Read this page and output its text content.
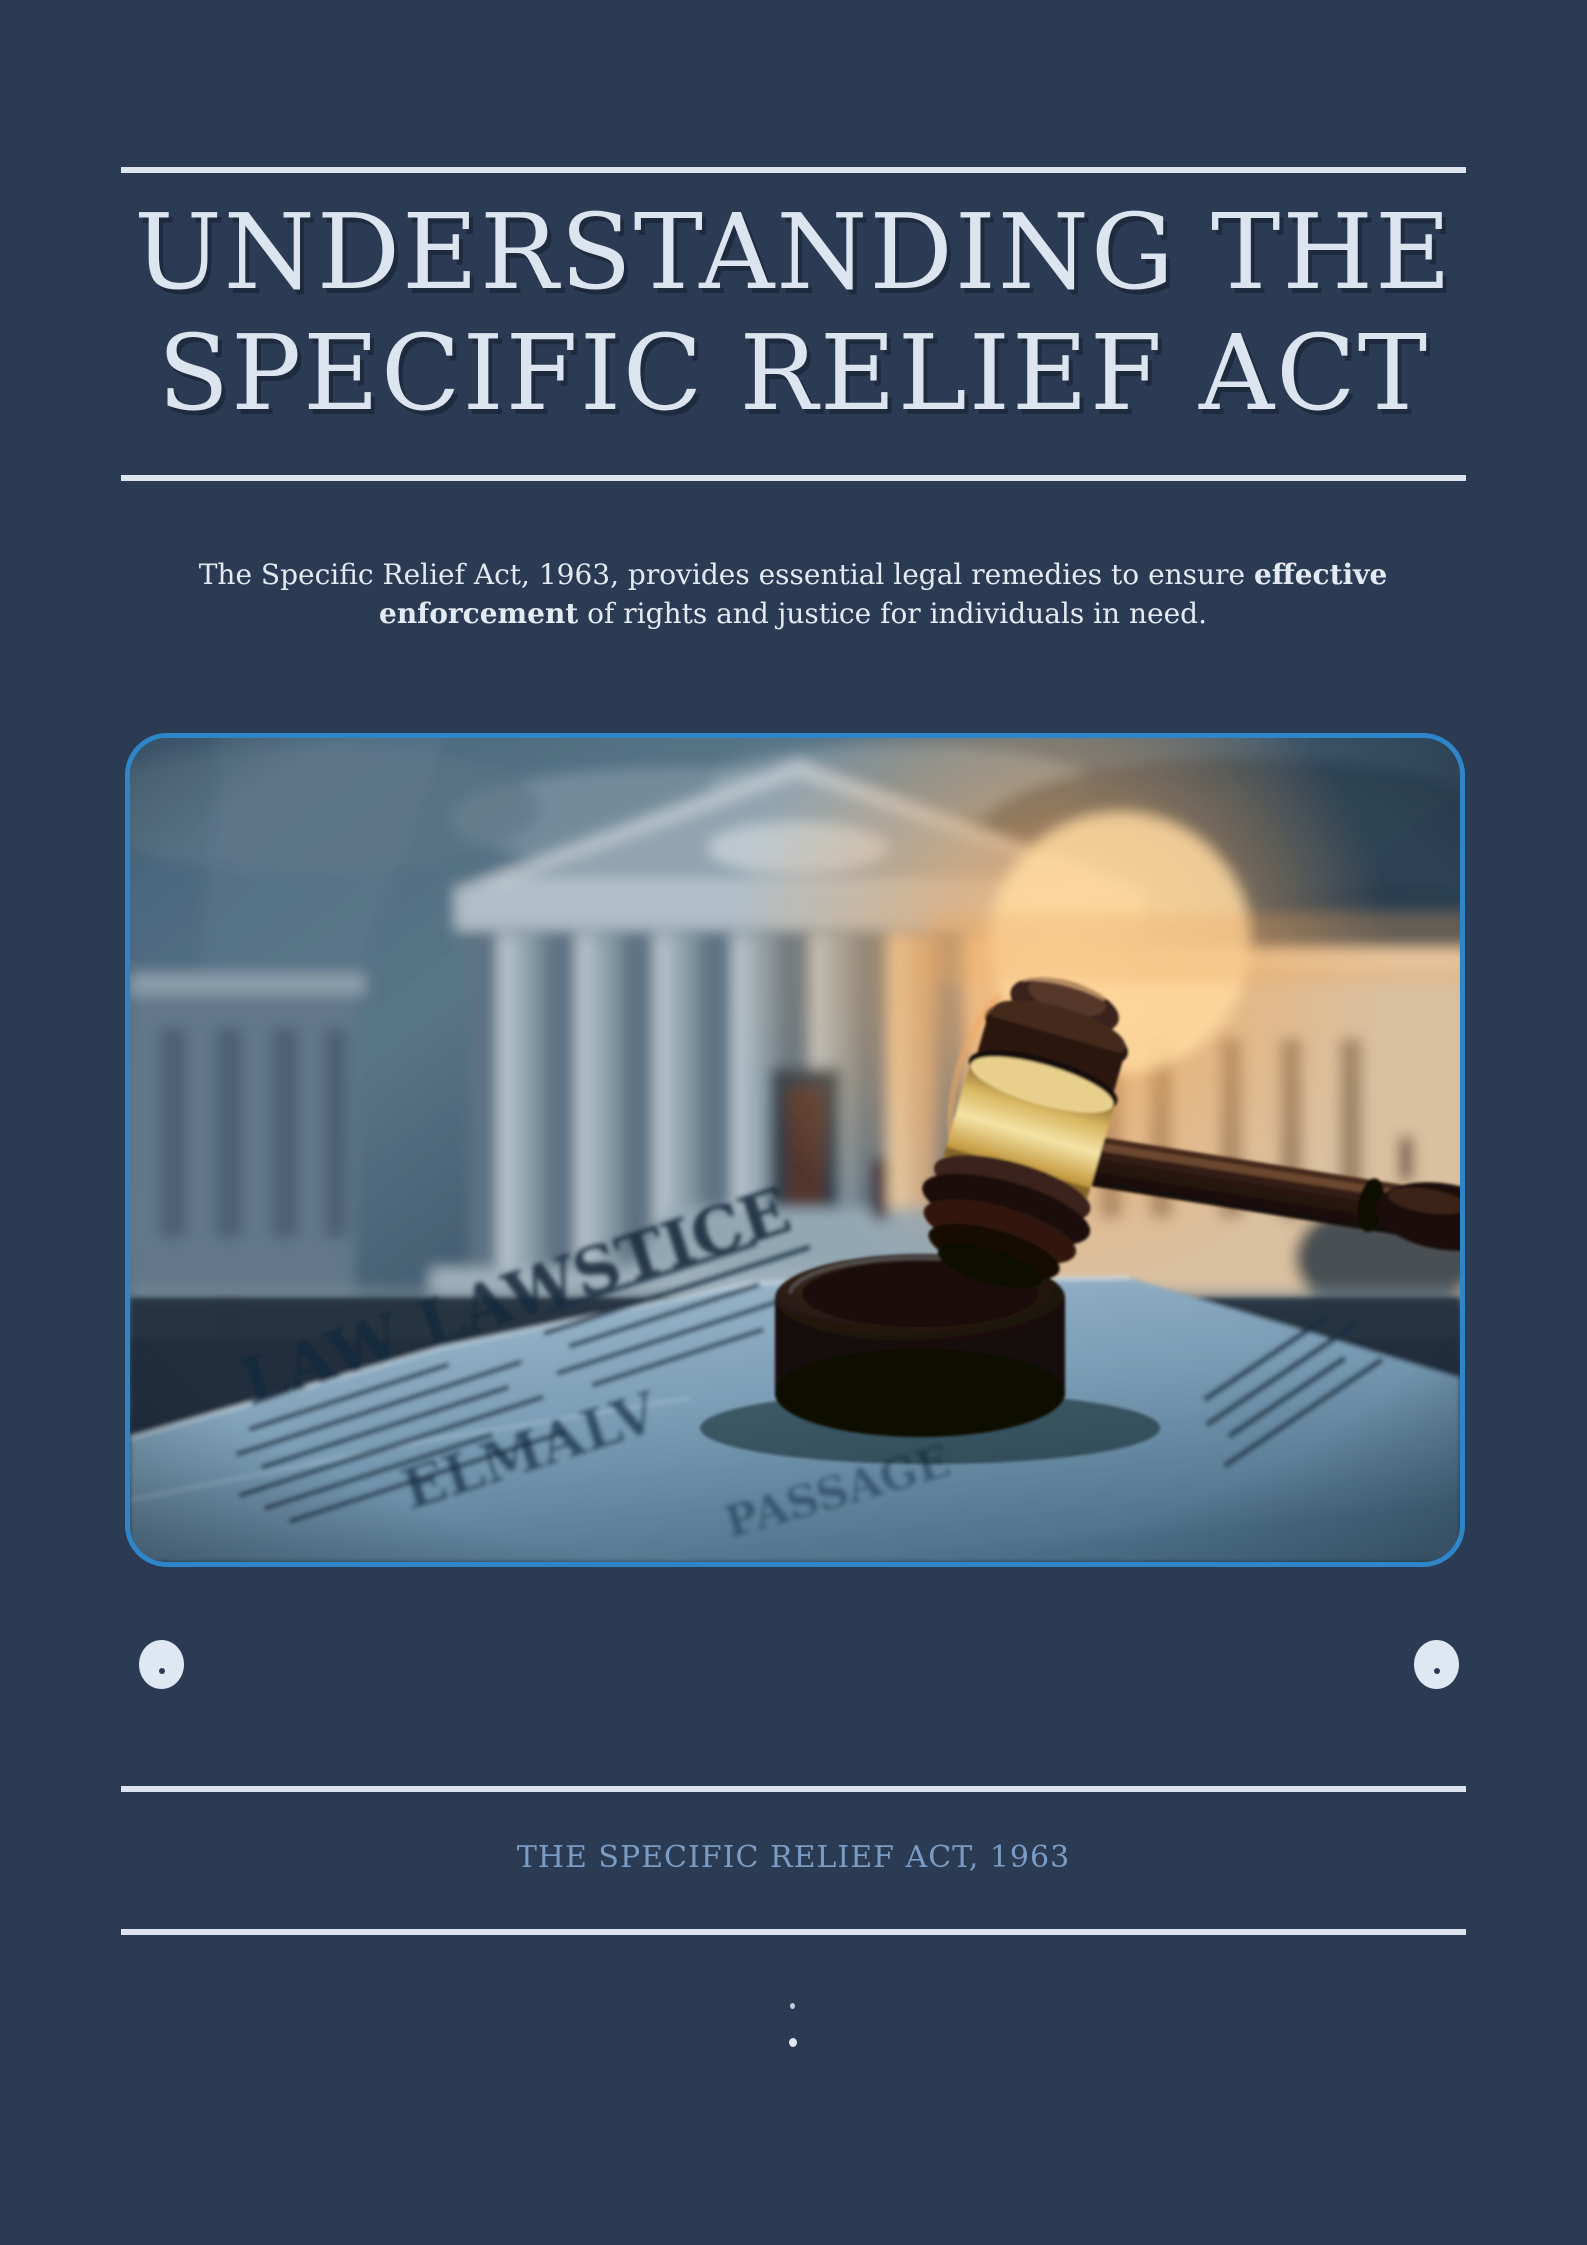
UNDERSTANDING THE
SPECIFIC RELIEF ACT

The Specific Relief Act, 1963, provides essential legal remedies to ensure effective enforcement of rights and justice for individuals in need.

THE SPECIFIC RELIEF ACT, 1963
